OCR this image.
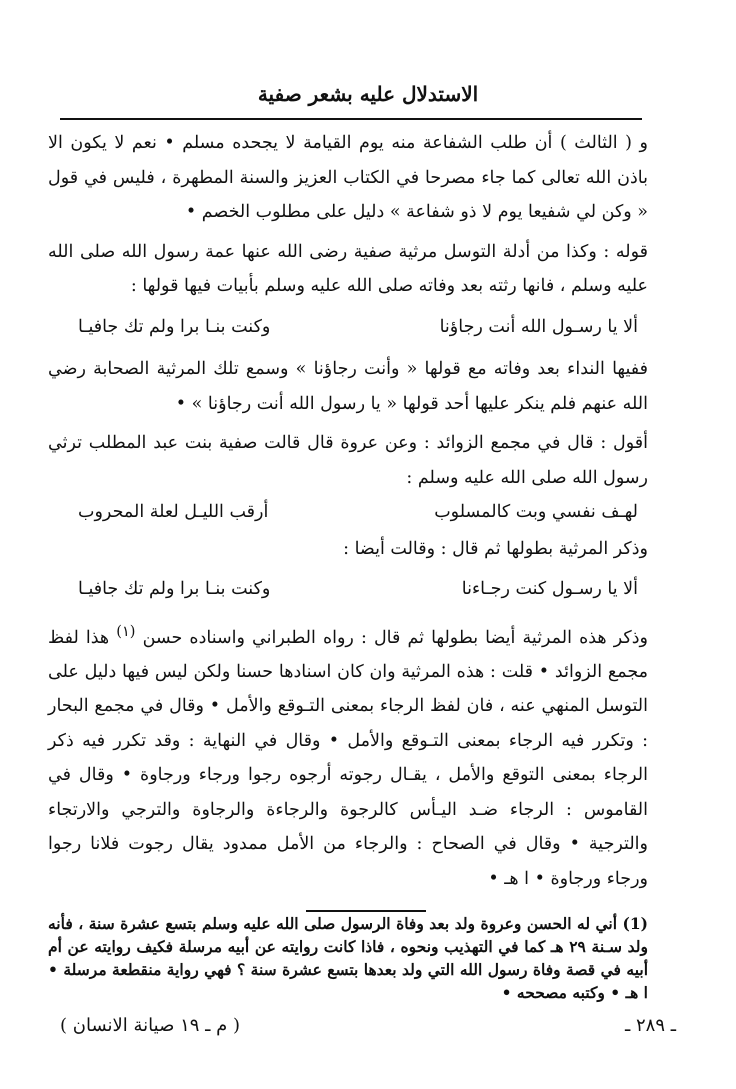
الاستدلال عليه بشعر صفية

و ( الثالث ) أن طلب الشفاعة منه يوم القيامة لا يجحده مسلم • نعم لا يكون الا باذن الله تعالى كما جاء مصرحا في الكتاب العزيز والسنة المطهرة ، فليس في قول « وكن لي شفيعا يوم لا ذو شفاعة » دليل على مطلوب الخصم •

قوله : وكذا من أدلة التوسل مرثية صفية رضى الله عنها عمة رسول الله صلى الله عليه وسلم ، فانها رثته بعد وفاته صلى الله عليه وسلم بأبيات فيها قولها :

ألا يا رسـول الله أنت رجاؤنا
وكنت بنـا برا ولم تك جافيـا

ففيها النداء بعد وفاته مع قولها « وأنت رجاؤنا » وسمع تلك المرثية الصحابة رضي الله عنهم فلم ينكر عليها أحد قولها « يا رسول الله أنت رجاؤنا » •

أقول : قال في مجمع الزوائد : وعن عروة قال قالت صفية بنت عبد المطلب ترثي رسول الله صلى الله عليه وسلم :

لهـف نفسي وبت كالمسلوب
أرقب الليـل لعلة المحروب

وذكر المرثية بطولها ثم قال : وقالت أيضا :

ألا يا رسـول كنت رجـاءنا
وكنت بنـا برا ولم تك جافيـا

وذكر هذه المرثية أيضا بطولها ثم قال : رواه الطبراني واسناده حسن $^{(١)}$ هذا لفظ مجمع الزوائد • قلت : هذه المرثية وان كان اسنادها حسنا ولكن ليس فيها دليل على التوسل المنهي عنه ، فان لفظ الرجاء بمعنى التـوقع والأمل • وقال في مجمع البحار : وتكرر فيه الرجاء بمعنى التـوقع والأمل • وقال في النهاية : وقد تكرر فيه ذكر الرجاء بمعنى التوقع والأمل ، يقـال رجوته أرجوه رجوا ورجاء ورجاوة • وقال في القاموس : الرجاء ضـد اليـأس كالرجوة والرجاءة والرجاوة والترجي والارتجاء والترجية • وقال في الصحاح : والرجاء من الأمل ممدود يقال رجوت فلانا رجوا ورجاء ورجاوة • ا هـ •

(1) أني له الحسن وعروة ولد بعد وفاة الرسول صلى الله عليه وسلم بتسع عشرة سنة ، فأنه ولد سـنة ٢٩ هـ كما في التهذيب ونحوه ، فاذا كانت روايته عن أبيه مرسلة فكيف روايته عن أم أبيه في قصة وفاة رسول الله التي ولد بعدها بتسع عشرة سنة ؟ فهي رواية منقطعة مرسلة • ا هـ • وكتبه مصححه •

ـ ٢٨٩ ـ
( م ـ ١٩ صيانة الانسان )
